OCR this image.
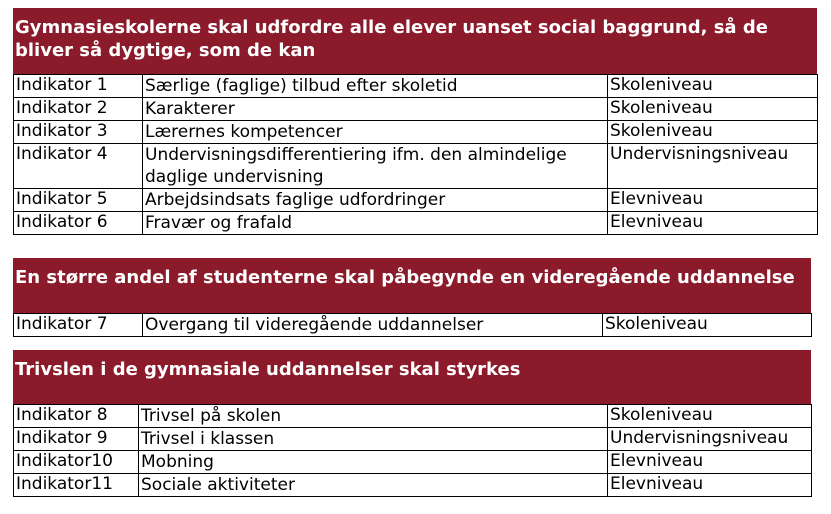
Gymnasieskolerne skal udfordre alle elever uanset social baggrund, så de bliver så dygtige, som de kan
Indikator 1	Særlige (faglige) tilbud efter skoletid	Skoleniveau
Indikator 2	Karakterer	Skoleniveau
Indikator 3	Lærernes kompetencer	Skoleniveau
Indikator 4	Undervisningsdifferentiering ifm. den almindelige daglige undervisning	Undervisningsniveau
Indikator 5	Arbejdsindsats faglige udfordringer	Elevniveau
Indikator 6	Fravær og frafald	Elevniveau
En større andel af studenterne skal påbegynde en videregående uddannelse
Indikator 7	Overgang til videregående uddannelser	Skoleniveau
Trivslen i de gymnasiale uddannelser skal styrkes
Indikator 8	Trivsel på skolen	Skoleniveau
Indikator 9	Trivsel i klassen	Undervisningsniveau
Indikator10	Mobning	Elevniveau
Indikator11	Sociale aktiviteter	Elevniveau
